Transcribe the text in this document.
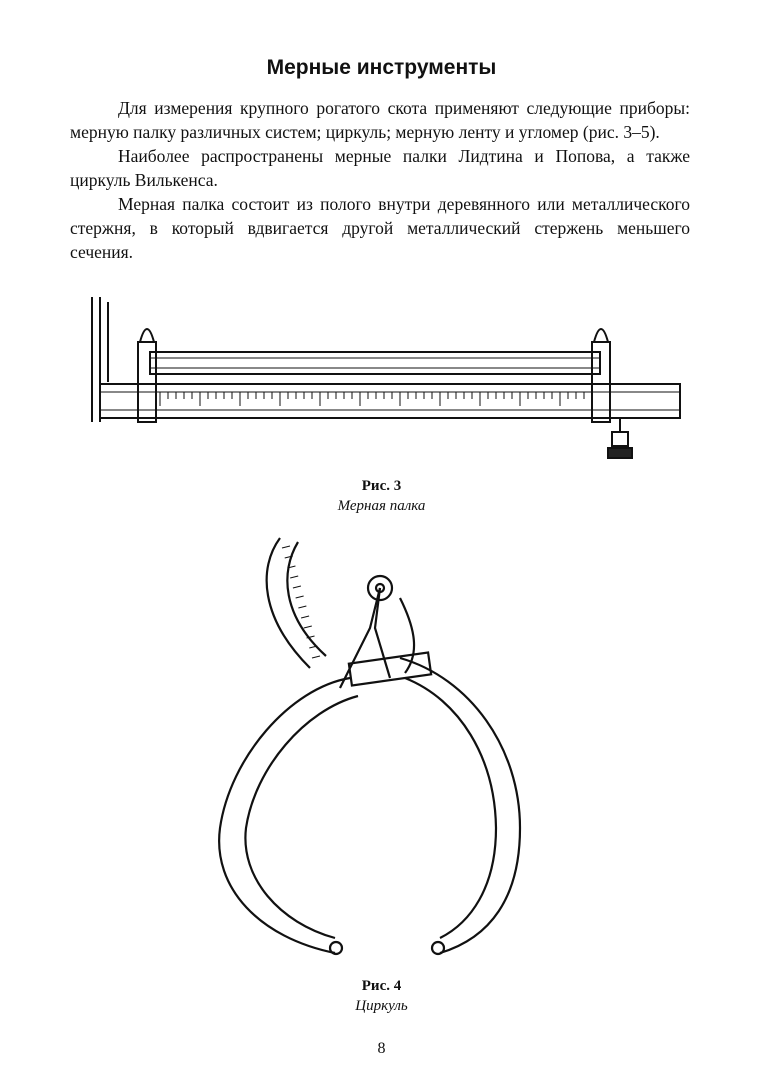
Мерные инструменты

Для измерения крупного рогатого скота применяют следующие приборы: мерную палку различных систем; циркуль; мерную ленту и угломер (рис. 3–5).

Наиболее распространены мерные палки Лидтина и Попова, а также циркуль Вилькенса.

Мерная палка состоит из полого внутри деревянного или металлического стержня, в который вдвигается другой металлический стержень меньшего сечения.

Рис. 3
Мерная палка
Рис. 4
Циркуль
8
